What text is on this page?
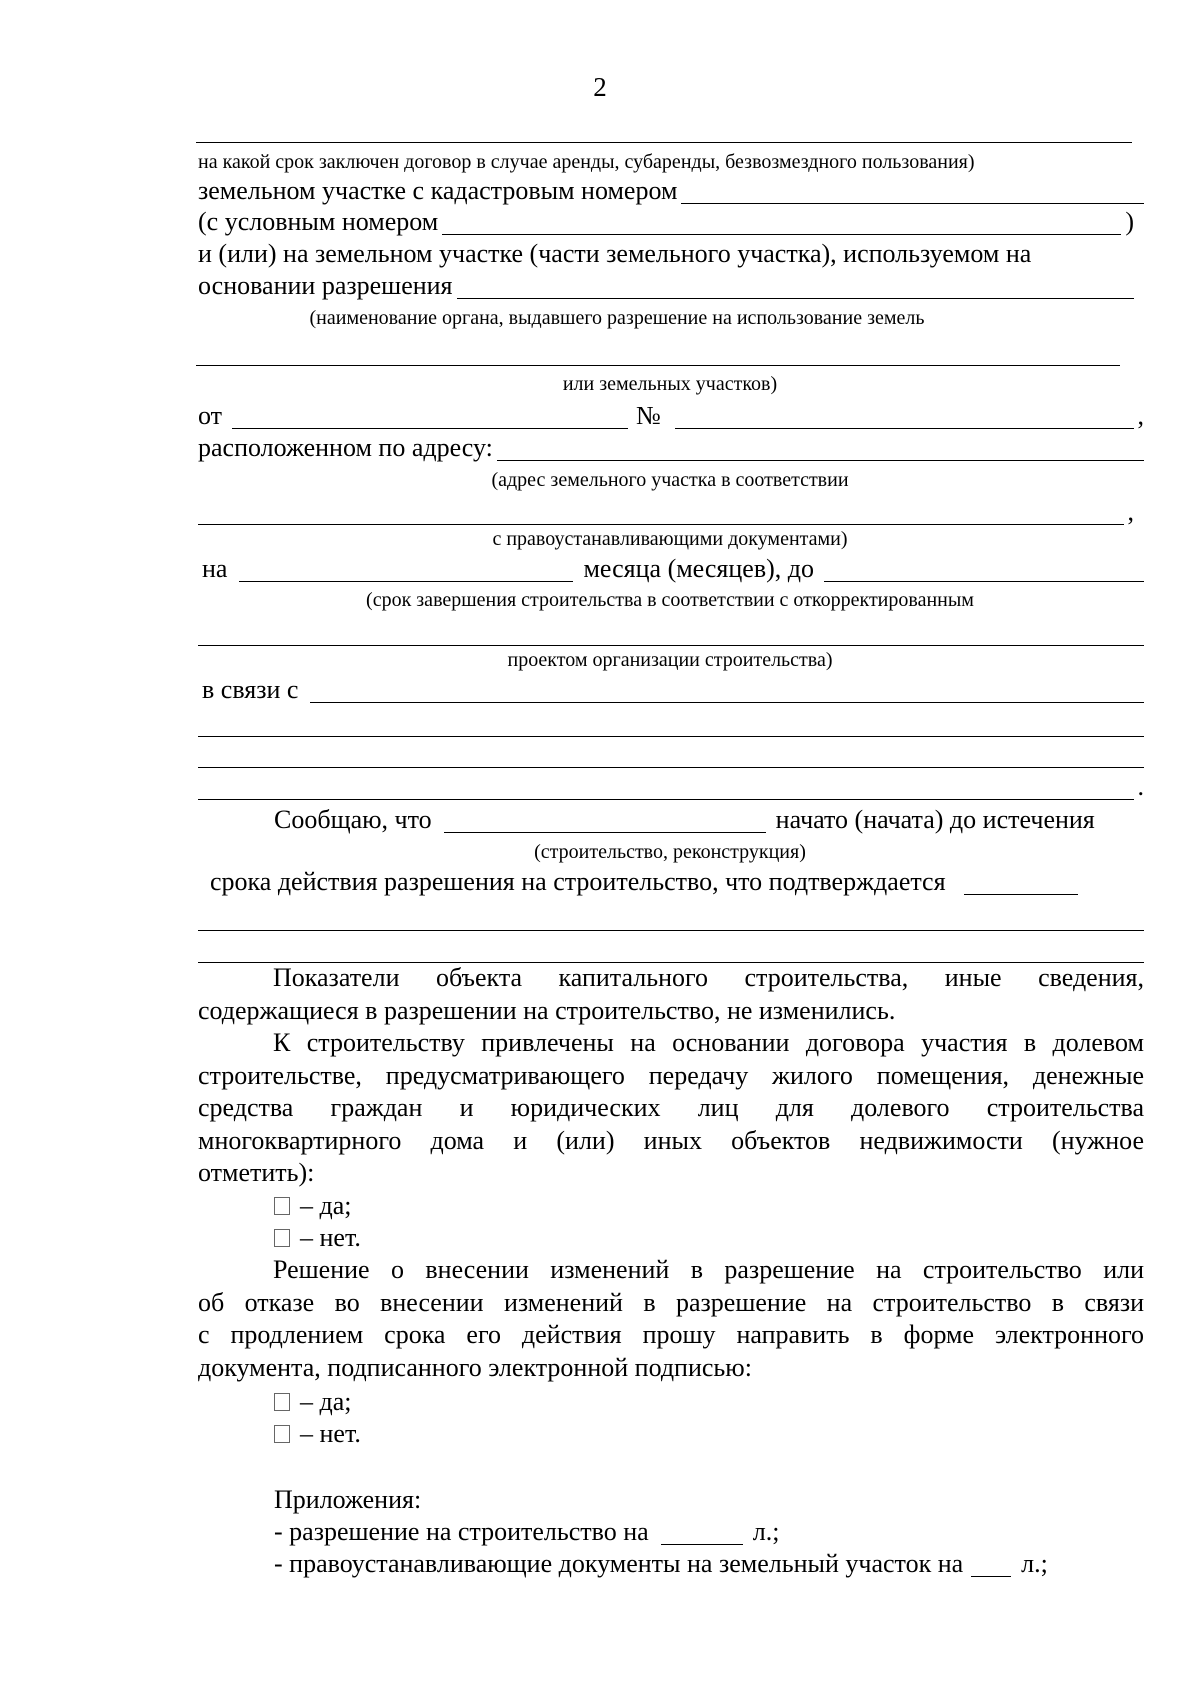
2
на какой срок заключен договор в случае аренды, субаренды, безвозмездного пользования)
земельном участке с кадастровым номером
(с условным номером	)
и (или) на земельном участке (части земельного участка), используемом на
основании разрешения
(наименование органа, выдавшего разрешение на использование земель
или земельных участков)
от	№	,
расположенном по адресу:
(адрес земельного участка в соответствии
,
с правоустанавливающими документами)
на	месяца (месяцев), до
(срок завершения строительства в соответствии с откорректированным
проектом организации строительства)
в связи с
.
Сообщаю, что	начато (начата) до истечения
(строительство, реконструкция)
срока действия разрешения на строительство, что подтверждается
Показатели объекта капитального строительства, иные сведения,
содержащиеся в разрешении на строительство, не изменились.
К строительству привлечены на основании договора участия в долевом
строительстве, предусматривающего передачу жилого помещения, денежные
средства граждан и юридических лиц для долевого строительства
многоквартирного дома и (или) иных объектов недвижимости (нужное
отметить):
– да;
– нет.
Решение о внесении изменений в разрешение на строительство или
об отказе во внесении изменений в разрешение на строительство в связи
с продлением срока его действия прошу направить в форме электронного
документа, подписанного электронной подписью:
– да;
– нет.
Приложения:
- разрешение на строительство на	л.;
- правоустанавливающие документы на земельный участок на л.;
